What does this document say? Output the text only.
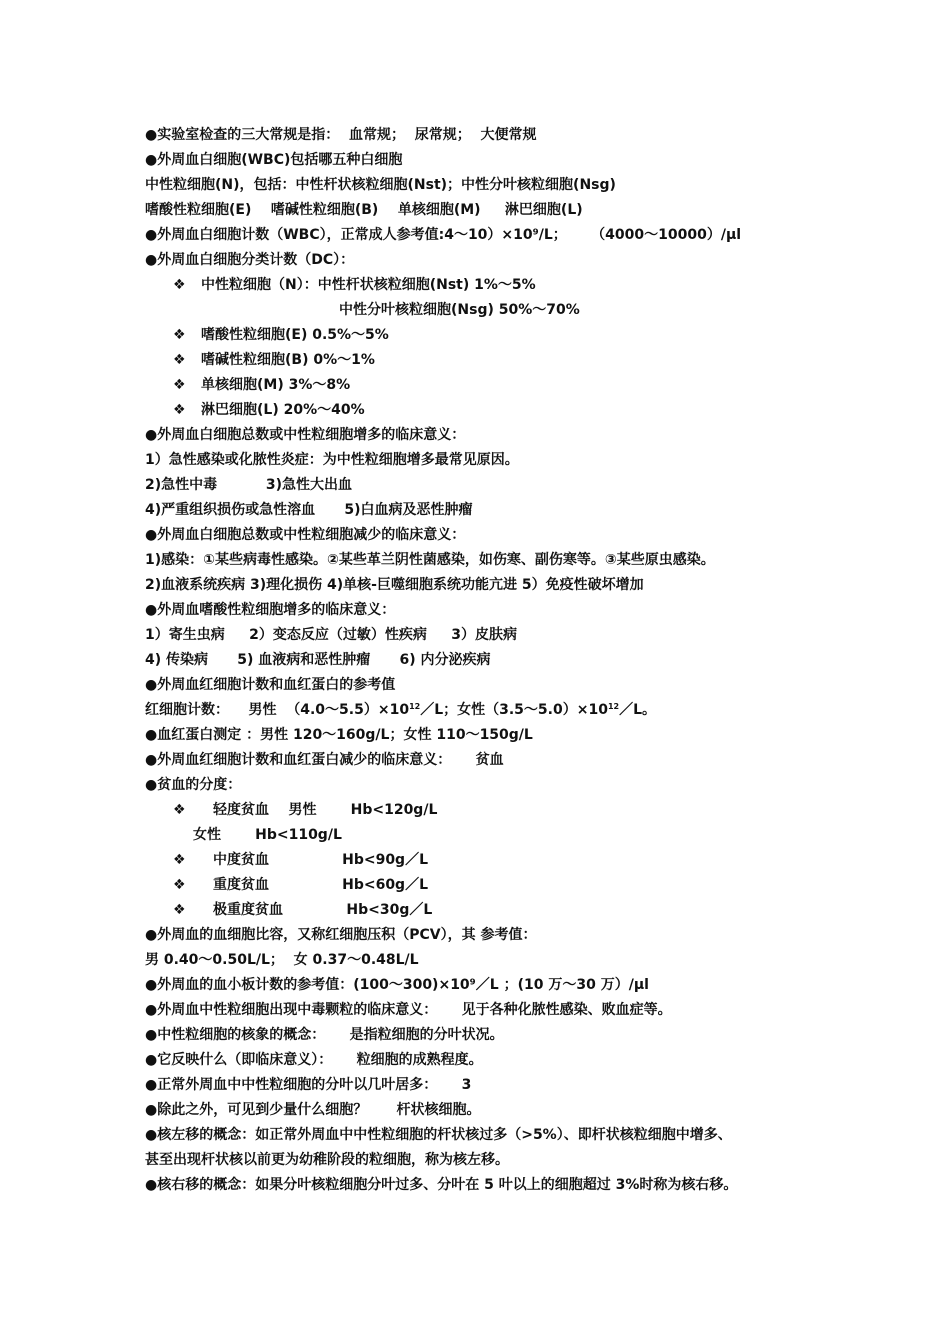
●实验室检查的三大常规是指：  血常规；  尿常规；  大便常规
●外周血白细胞(WBC)包括哪五种白细胞
中性粒细胞(N)，包括：中性杆状核粒细胞(Nst)；中性分叶核粒细胞(Nsg)
嗜酸性粒细胞(E)    嗜碱性粒细胞(B)    单核细胞(M)     淋巴细胞(L)
●外周血白细胞计数（WBC），正常成人参考值:4～10）×10⁹/L；     （4000～10000）/μl
●外周血白细胞分类计数（DC）：
❖ 中性粒细胞（N）：中性杆状核粒细胞(Nst) 1%～5%
中性分叶核粒细胞(Nsg) 50%～70%
❖ 嗜酸性粒细胞(E) 0.5%～5%
❖ 嗜碱性粒细胞(B) 0%～1%
❖ 单核细胞(M) 3%～8%
❖ 淋巴细胞(L) 20%～40%
●外周血白细胞总数或中性粒细胞增多的临床意义：
1）急性感染或化脓性炎症：为中性粒细胞增多最常见原因。
2)急性中毒          3)急性大出血
4)严重组织损伤或急性溶血      5)白血病及恶性肿瘤
●外周血白细胞总数或中性粒细胞减少的临床意义：
1)感染：①某些病毒性感染。②某些革兰阴性菌感染，如伤寒、副伤寒等。③某些原虫感染。
2)血液系统疾病 3)理化损伤 4)单核-巨噬细胞系统功能亢进 5）免疫性破坏增加
●外周血嗜酸性粒细胞增多的临床意义：
1）寄生虫病     2）变态反应（过敏）性疾病     3）皮肤病
4) 传染病      5) 血液病和恶性肿瘤      6) 内分泌疾病
●外周血红细胞计数和血红蛋白的参考值
红细胞计数：    男性  $(4.0\sim 5.5)\times 10^{12}/L$；女性$(3.5\sim 5.0)\times 10^{12}/L$。
●血红蛋白测定 ：男性 120～160g/L；女性 110～150g/L
●外周血红细胞计数和血红蛋白减少的临床意义：     贫血
●贫血的分度：
❖ 轻度贫血    男性       Hb<120g/L
女性       Hb<110g/L
❖ 中度贫血               Hb<90g／L
❖ 重度贫血               Hb<60g／L
❖ 极重度贫血             Hb<30g／L
●外周血的血细胞比容，又称红细胞压积（PCV），其 参考值：
男 0.40～0.50L/L；  女 0.37～0.48L/L
●外周血的血小板计数的参考值：(100～300)×10⁹／L ；(10 万～30 万）/μl
●外周血中性粒细胞出现中毒颗粒的临床意义：     见于各种化脓性感染、败血症等。
●中性粒细胞的核象的概念：     是指粒细胞的分叶状况。
●它反映什么（即临床意义）：     粒细胞的成熟程度。
●正常外周血中中性粒细胞的分叶以几叶居多：     3
●除此之外，可见到少量什么细胞？      杆状核细胞。
●核左移的概念：如正常外周血中中性粒细胞的杆状核过多（>5%）、即杆状核粒细胞中增多、
甚至出现杆状核以前更为幼稚阶段的粒细胞，称为核左移。
●核右移的概念：如果分叶核粒细胞分叶过多、分叶在 5 叶以上的细胞超过 3%时称为核右移。
